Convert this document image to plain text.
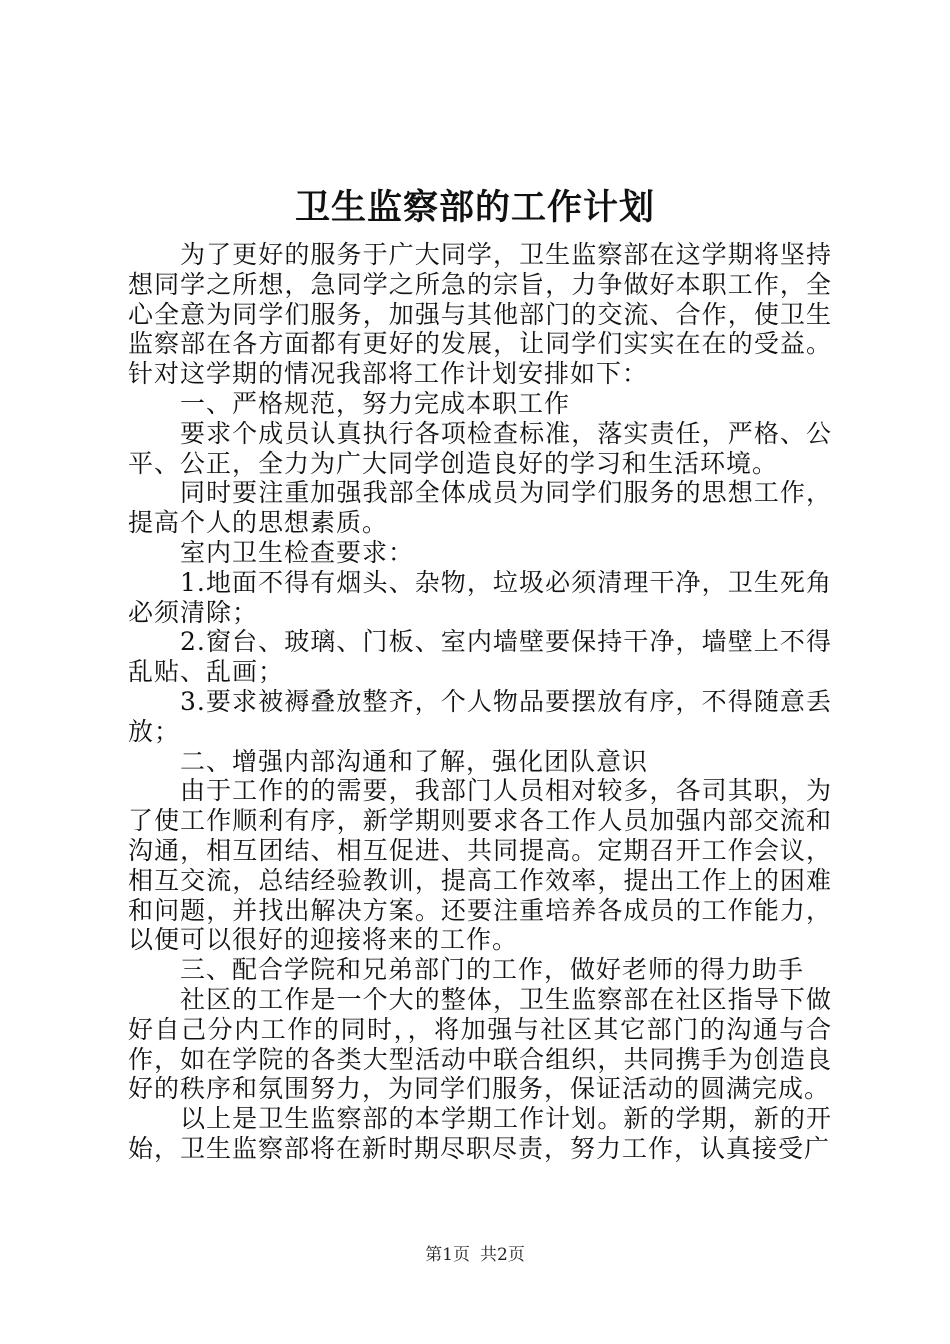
卫生监察部的工作计划

为了更好的服务于广大同学，卫生监察部在这学期将坚持想同学之所想，急同学之所急的宗旨，力争做好本职工作，全心全意为同学们服务，加强与其他部门的交流、合作，使卫生监察部在各方面都有更好的发展，让同学们实实在在的受益。针对这学期的情况我部将工作计划安排如下：

一、严格规范，努力完成本职工作

要求个成员认真执行各项检查标准，落实责任，严格、公平、公正，全力为广大同学创造良好的学习和生活环境。

同时要注重加强我部全体成员为同学们服务的思想工作，提高个人的思想素质。

室内卫生检查要求：

1.地面不得有烟头、杂物，垃圾必须清理干净，卫生死角必须清除；

2.窗台、玻璃、门板、室内墙壁要保持干净，墙壁上不得乱贴、乱画；

3.要求被褥叠放整齐，个人物品要摆放有序，不得随意丢放；

二、增强内部沟通和了解，强化团队意识

由于工作的的需要，我部门人员相对较多，各司其职，为了使工作顺利有序，新学期则要求各工作人员加强内部交流和沟通，相互团结、相互促进、共同提高。定期召开工作会议，相互交流，总结经验教训，提高工作效率，提出工作上的困难和问题，并找出解决方案。还要注重培养各成员的工作能力，以便可以很好的迎接将来的工作。

三、配合学院和兄弟部门的工作，做好老师的得力助手

社区的工作是一个大的整体，卫生监察部在社区指导下做好自己分内工作的同时，，将加强与社区其它部门的沟通与合作，如在学院的各类大型活动中联合组织，共同携手为创造良好的秩序和氛围努力，为同学们服务，保证活动的圆满完成。

以上是卫生监察部的本学期工作计划。新的学期，新的开始，卫生监察部将在新时期尽职尽责，努力工作，认真接受广

第1页 共2页
